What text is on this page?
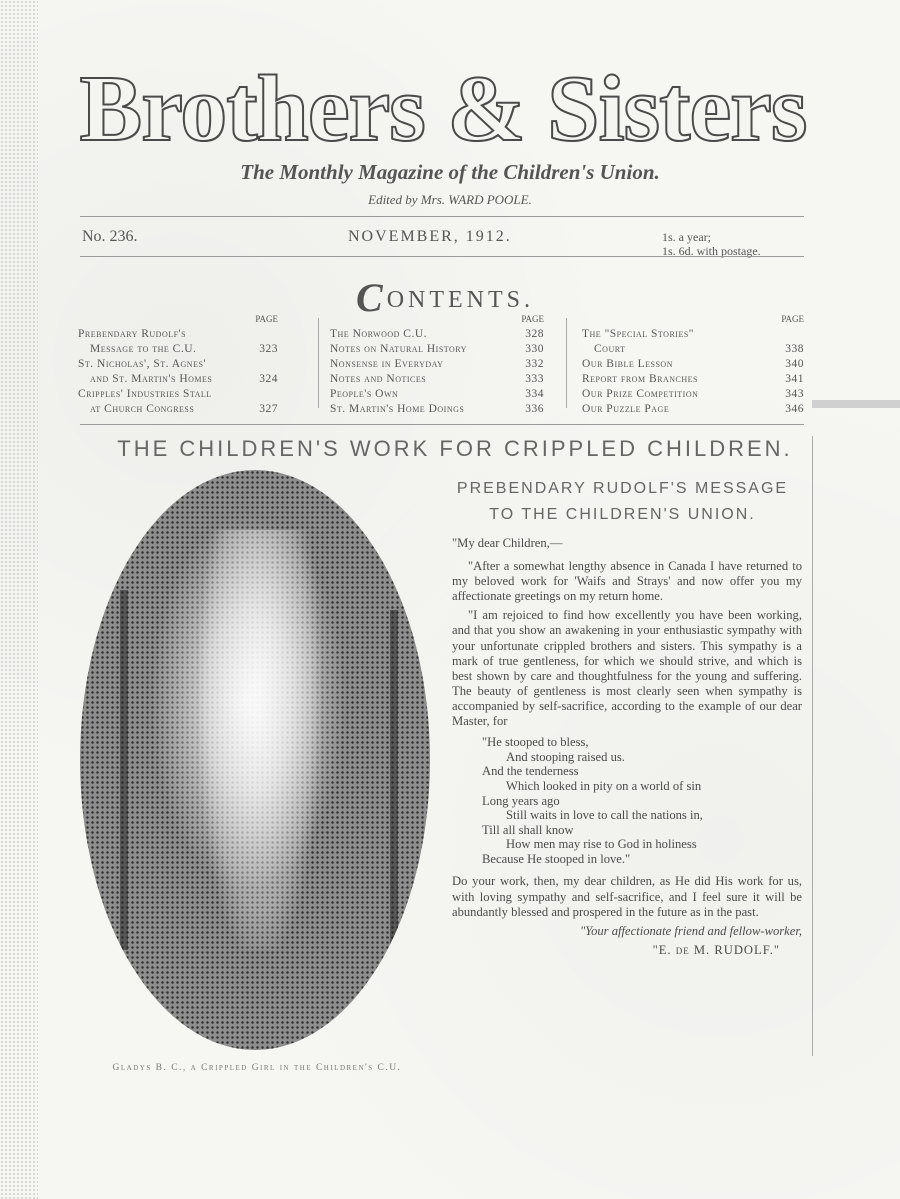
Brothers & Sisters
The Monthly Magazine of the Children's Union.
Edited by Mrs. WARD POOLE.
No. 236.	NOVEMBER, 1912.	1s. a year;
1s. 6d. with postage.
CONTENTS.
PAGE
Prebendary Rudolf's
Message to the C.U.	323
St. Nicholas', St. Agnes'
and St. Martin's Homes	324
Cripples' Industries Stall
at Church Congress	327
PAGE
The Norwood C.U.	328
Notes on Natural History	330
Nonsense in Everyday	332
Notes and Notices	333
People's Own	334
St. Martin's Home Doings	336
PAGE
The "Special Stories"
Court	338
Our Bible Lesson	340
Report from Branches	341
Our Prize Competition	343
Our Puzzle Page	346
THE CHILDREN'S WORK FOR CRIPPLED CHILDREN.
Gladys B. C., a Crippled Girl in the Children's C.U.
PREBENDARY RUDOLF'S MESSAGE
TO THE CHILDREN'S UNION.

"My dear Children,—

"After a somewhat lengthy absence in Canada I have returned to my beloved work for 'Waifs and Strays' and now offer you my affectionate greetings on my return home.

"I am rejoiced to find how excellently you have been working, and that you show an awakening in your enthusiastic sympathy with your unfortunate crippled brothers and sisters. This sympathy is a mark of true gentleness, for which we should strive, and which is best shown by care and thoughtfulness for the young and suffering. The beauty of gentleness is most clearly seen when sympathy is accompanied by self-sacrifice, according to the example of our dear Master, for

"He stooped to bless,
And stooping raised us.
And the tenderness
Which looked in pity on a world of sin
Long years ago
Still waits in love to call the nations in,
Till all shall know
How men may rise to God in holiness
Because He stooped in love."

Do your work, then, my dear children, as He did His work for us, with loving sympathy and self-sacrifice, and I feel sure it will be abundantly blessed and prospered in the future as in the past.

"Your affectionate friend and fellow-worker,

"E. de M. RUDOLF."
